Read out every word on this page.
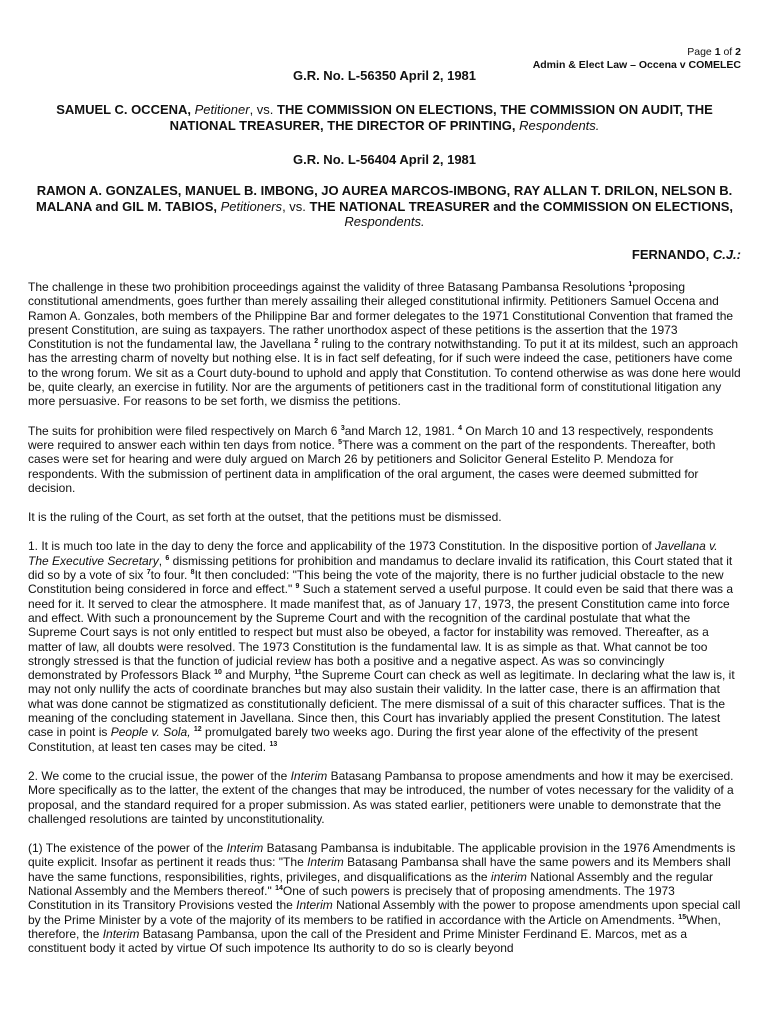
Page 1 of 2
Admin & Elect Law – Occena v COMELEC
G.R. No. L-56350 April 2, 1981
SAMUEL C. OCCENA, Petitioner, vs. THE COMMISSION ON ELECTIONS, THE COMMISSION ON AUDIT, THE NATIONAL TREASURER, THE DIRECTOR OF PRINTING, Respondents.
G.R. No. L-56404 April 2, 1981
RAMON A. GONZALES, MANUEL B. IMBONG, JO AUREA MARCOS-IMBONG, RAY ALLAN T. DRILON, NELSON B. MALANA and GIL M. TABIOS, Petitioners, vs. THE NATIONAL TREASURER and the COMMISSION ON ELECTIONS, Respondents.
FERNANDO, C.J.:

The challenge in these two prohibition proceedings against the validity of three Batasang Pambansa Resolutions $^1$proposing constitutional amendments, goes further than merely assailing their alleged constitutional infirmity. Petitioners Samuel Occena and Ramon A. Gonzales, both members of the Philippine Bar and former delegates to the 1971 Constitutional Convention that framed the present Constitution, are suing as taxpayers. The rather unorthodox aspect of these petitions is the assertion that the 1973 Constitution is not the fundamental law, the Javellana $^2$ ruling to the contrary notwithstanding. To put it at its mildest, such an approach has the arresting charm of novelty but nothing else. It is in fact self defeating, for if such were indeed the case, petitioners have come to the wrong forum. We sit as a Court duty-bound to uphold and apply that Constitution. To contend otherwise as was done here would be, quite clearly, an exercise in futility. Nor are the arguments of petitioners cast in the traditional form of constitutional litigation any more persuasive. For reasons to be set forth, we dismiss the petitions.

The suits for prohibition were filed respectively on March 6 $^3$and March 12, 1981. $^4$ On March 10 and 13 respectively, respondents were required to answer each within ten days from notice. $^5$There was a comment on the part of the respondents. Thereafter, both cases were set for hearing and were duly argued on March 26 by petitioners and Solicitor General Estelito P. Mendoza for respondents. With the submission of pertinent data in amplification of the oral argument, the cases were deemed submitted for decision.

It is the ruling of the Court, as set forth at the outset, that the petitions must be dismissed.

1. It is much too late in the day to deny the force and applicability of the 1973 Constitution. In the dispositive portion of Javellana v. The Executive Secretary, $^6$ dismissing petitions for prohibition and mandamus to declare invalid its ratification, this Court stated that it did so by a vote of six $^7$to four. $^8$It then concluded: "This being the vote of the majority, there is no further judicial obstacle to the new Constitution being considered in force and effect." $^9$ Such a statement served a useful purpose. It could even be said that there was a need for it. It served to clear the atmosphere. It made manifest that, as of January 17, 1973, the present Constitution came into force and effect. With such a pronouncement by the Supreme Court and with the recognition of the cardinal postulate that what the Supreme Court says is not only entitled to respect but must also be obeyed, a factor for instability was removed. Thereafter, as a matter of law, all doubts were resolved. The 1973 Constitution is the fundamental law. It is as simple as that. What cannot be too strongly stressed is that the function of judicial review has both a positive and a negative aspect. As was so convincingly demonstrated by Professors Black $^{10}$ and Murphy, $^{11}$the Supreme Court can check as well as legitimate. In declaring what the law is, it may not only nullify the acts of coordinate branches but may also sustain their validity. In the latter case, there is an affirmation that what was done cannot be stigmatized as constitutionally deficient. The mere dismissal of a suit of this character suffices. That is the meaning of the concluding statement in Javellana. Since then, this Court has invariably applied the present Constitution. The latest case in point is People v. Sola, $^{12}$ promulgated barely two weeks ago. During the first year alone of the effectivity of the present Constitution, at least ten cases may be cited. $^{13}$

2. We come to the crucial issue, the power of the Interim Batasang Pambansa to propose amendments and how it may be exercised. More specifically as to the latter, the extent of the changes that may be introduced, the number of votes necessary for the validity of a proposal, and the standard required for a proper submission. As was stated earlier, petitioners were unable to demonstrate that the challenged resolutions are tainted by unconstitutionality.

(1) The existence of the power of the Interim Batasang Pambansa is indubitable. The applicable provision in the 1976 Amendments is quite explicit. Insofar as pertinent it reads thus: "The Interim Batasang Pambansa shall have the same powers and its Members shall have the same functions, responsibilities, rights, privileges, and disqualifications as the interim National Assembly and the regular National Assembly and the Members thereof." $^{14}$One of such powers is precisely that of proposing amendments. The 1973 Constitution in its Transitory Provisions vested the Interim National Assembly with the power to propose amendments upon special call by the Prime Minister by a vote of the majority of its members to be ratified in accordance with the Article on Amendments. $^{15}$When, therefore, the Interim Batasang Pambansa, upon the call of the President and Prime Minister Ferdinand E. Marcos, met as a constituent body it acted by virtue Of such impotence Its authority to do so is clearly beyond
